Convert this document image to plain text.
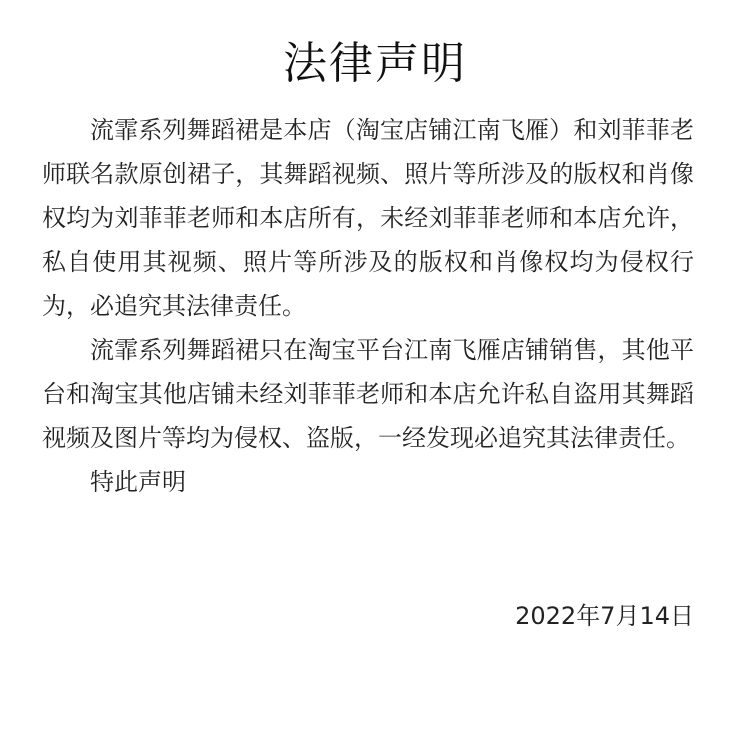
法律声明

流霏系列舞蹈裙是本店（淘宝店铺江南飞雁）和刘菲菲老师联名款原创裙子，其舞蹈视频、照片等所涉及的版权和肖像权均为刘菲菲老师和本店所有，未经刘菲菲老师和本店允许，私自使用其视频、照片等所涉及的版权和肖像权均为侵权行为，必追究其法律责任。

流霏系列舞蹈裙只在淘宝平台江南飞雁店铺销售，其他平台和淘宝其他店铺未经刘菲菲老师和本店允许私自盗用其舞蹈视频及图片等均为侵权、盗版，一经发现必追究其法律责任。

特此声明

2022年7月14日
